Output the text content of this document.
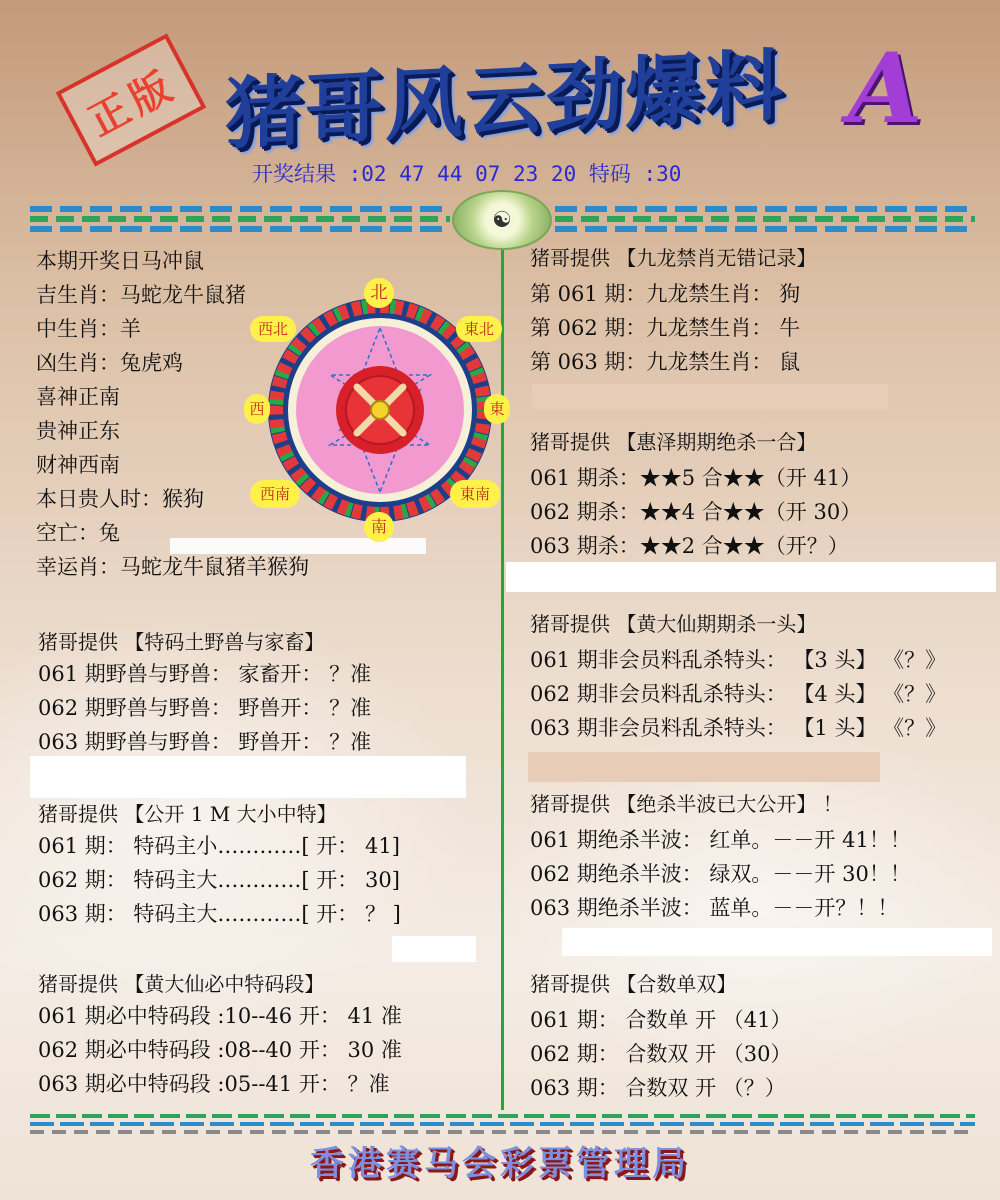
正版 猪哥风云劲爆料 A
开奖结果 :02 47 44 07 23 20 特码 :30
☯
本期开奖日马冲鼠
吉生肖：马蛇龙牛鼠猪
中生肖：羊
凶生肖：兔虎鸡
喜神正南
贵神正东
财神西南
本日贵人时：猴狗
空亡：兔
幸运肖：马蛇龙牛鼠猪羊猴狗
北
東北
東
東南
南
西南
西
西北
猪哥提供 【特码土野兽与家畜】
061 期野兽与野兽： 家畜开： ？准
062 期野兽与野兽： 野兽开： ？准
063 期野兽与野兽： 野兽开： ？准
猪哥提供 【公开 1 M 大小中特】
061 期： 特码主小…………[ 开： 41]
062 期： 特码主大…………[ 开： 30]
063 期： 特码主大…………[ 开： ？ ]
猪哥提供 【黄大仙必中特码段】
061 期必中特码段 :10--46 开： 41 准
062 期必中特码段 :08--40 开： 30 准
063 期必中特码段 :05--41 开： ？准
猪哥提供 【九龙禁肖无错记录】
第 061 期：九龙禁生肖： 狗
第 062 期：九龙禁生肖： 牛
第 063 期：九龙禁生肖： 鼠
猪哥提供 【惠泽期期绝杀一合】
061 期杀：★★5 合★★（开 41）
062 期杀：★★4 合★★（开 30）
063 期杀：★★2 合★★（开？）
猪哥提供 【黄大仙期期杀一头】
061 期非会员料乱杀特头： 【3 头】 《？》
062 期非会员料乱杀特头： 【4 头】 《？》
063 期非会员料乱杀特头： 【1 头】 《？》
猪哥提供 【绝杀半波已大公开】 ！
061 期绝杀半波： 红单。－－开 41！！
062 期绝杀半波： 绿双。－－开 30！！
063 期绝杀半波： 蓝单。－－开？！！
猪哥提供 【合数单双】
061 期： 合数单 开 （41）
062 期： 合数双 开 （30）
063 期： 合数双 开 （？）
香港赛马会彩票管理局
